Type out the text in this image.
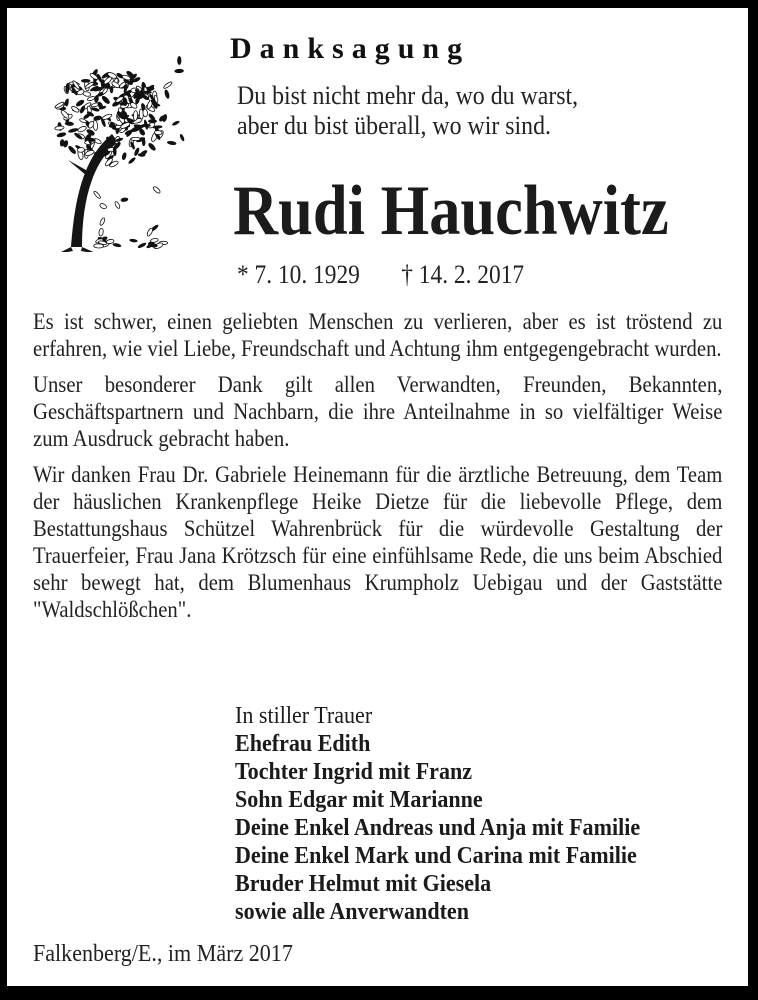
Danksagung
Du bist nicht mehr da, wo du warst,
aber du bist überall, wo wir sind.
Rudi Hauchwitz
* 7. 10. 1929 † 14. 2. 2017

Es ist schwer, einen geliebten Menschen zu verlieren, aber es ist tröstend zu erfahren, wie viel Liebe, Freundschaft und Achtung ihm entgegengebracht wurden.

Unser besonderer Dank gilt allen Verwandten, Freunden, Bekannten, Geschäftspartnern und Nachbarn, die ihre Anteilnahme in so vielfältiger Weise zum Ausdruck gebracht haben.

Wir danken Frau Dr. Gabriele Heinemann für die ärztliche Betreuung, dem Team der häuslichen Krankenpflege Heike Dietze für die liebevolle Pflege, dem Bestattungshaus Schützel Wahrenbrück für die würdevolle Gestaltung der Trauerfeier, Frau Jana Krötzsch für eine einfühlsame Rede, die uns beim Abschied sehr bewegt hat, dem Blumenhaus Krumpholz Uebigau und der Gaststätte "Waldschlößchen".

In stiller Trauer
Ehefrau Edith
Tochter Ingrid mit Franz
Sohn Edgar mit Marianne
Deine Enkel Andreas und Anja mit Familie
Deine Enkel Mark und Carina mit Familie
Bruder Helmut mit Giesela
sowie alle Anverwandten
Falkenberg/E., im März 2017
